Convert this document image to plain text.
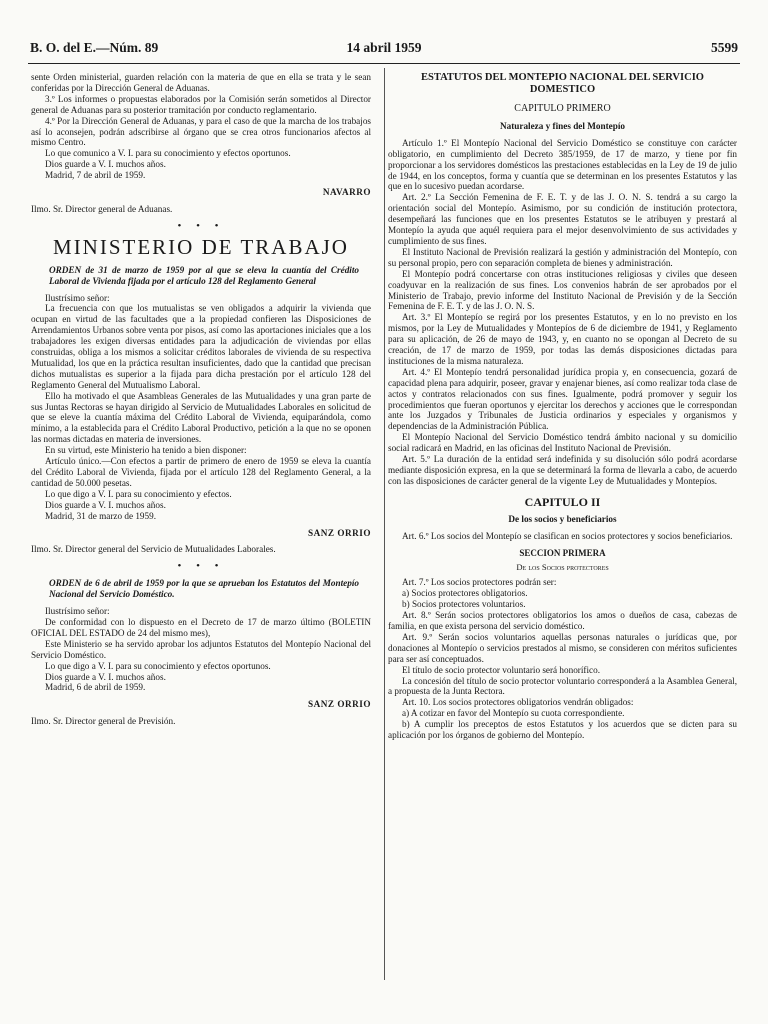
B. O. del E.—Núm. 89	14 abril 1959	5599

sente Orden ministerial, guarden relación con la materia de que en ella se trata y le sean conferidas por la Dirección General de Aduanas.

3.º Los informes o propuestas elaborados por la Comisión serán sometidos al Director general de Aduanas para su posterior tramitación por conducto reglamentario.

4.º Por la Dirección General de Aduanas, y para el caso de que la marcha de los trabajos así lo aconsejen, podrán adscribirse al órgano que se crea otros funcionarios afectos al mismo Centro.

Lo que comunico a V. I. para su conocimiento y efectos oportunos.

Dios guarde a V. I. muchos años.

Madrid, 7 de abril de 1959.

NAVARRO

Ilmo. Sr. Director general de Aduanas.

• • •
MINISTERIO DE TRABAJO

ORDEN de 31 de marzo de 1959 por al que se eleva la cuantía del Crédito Laboral de Vivienda fijada por el artículo 128 del Reglamento General

Ilustrísimo señor:

La frecuencia con que los mutualistas se ven obligados a adquirir la vivienda que ocupan en virtud de las facultades que a la propiedad confieren las Disposiciones de Arrendamientos Urbanos sobre venta por pisos, así como las aportaciones iniciales que a los trabajadores les exigen diversas entidades para la adjudicación de viviendas por ellas construidas, obliga a los mismos a solicitar créditos laborales de vivienda de su respectiva Mutualidad, los que en la práctica resultan insuficientes, dado que la cantidad que precisan dichos mutualistas es superior a la fijada para dicha prestación por el artículo 128 del Reglamento General del Mutualismo Laboral.

Ello ha motivado el que Asambleas Generales de las Mutualidades y una gran parte de sus Juntas Rectoras se hayan dirigido al Servicio de Mutualidades Laborales en solicitud de que se eleve la cuantía máxima del Crédito Laboral de Vivienda, equiparándola, como mínimo, a la establecida para el Crédito Laboral Productivo, petición a la que no se oponen las normas dictadas en materia de inversiones.

En su virtud, este Ministerio ha tenido a bien disponer:

Artículo único.—Con efectos a partir de primero de enero de 1959 se eleva la cuantía del Crédito Laboral de Vivienda, fijada por el artículo 128 del Reglamento General, a la cantidad de 50.000 pesetas.

Lo que digo a V. I. para su conocimiento y efectos.

Dios guarde a V. I. muchos años.

Madrid, 31 de marzo de 1959.

SANZ ORRIO

Ilmo. Sr. Director general del Servicio de Mutualidades Laborales.

• • •

ORDEN de 6 de abril de 1959 por la que se aprueban los Estatutos del Montepío Nacional del Servicio Doméstico.

Ilustrísimo señor:

De conformidad con lo dispuesto en el Decreto de 17 de marzo último (BOLETIN OFICIAL DEL ESTADO de 24 del mismo mes),

Este Ministerio se ha servido aprobar los adjuntos Estatutos del Montepío Nacional del Servicio Doméstico.

Lo que digo a V. I. para su conocimiento y efectos oportunos.

Dios guarde a V. I. muchos años.

Madrid, 6 de abril de 1959.

SANZ ORRIO

Ilmo. Sr. Director general de Previsión.

ESTATUTOS DEL MONTEPIO NACIONAL DEL SERVICIO DOMESTICO

CAPITULO PRIMERO

Naturaleza y fines del Montepío

Artículo 1.º El Montepío Nacional del Servicio Doméstico se constituye con carácter obligatorio, en cumplimiento del Decreto 385/1959, de 17 de marzo, y tiene por fin proporcionar a los servidores domésticos las prestaciones establecidas en la Ley de 19 de julio de 1944, en los conceptos, forma y cuantía que se determinan en los presentes Estatutos y las que en lo sucesivo puedan acordarse.

Art. 2.º La Sección Femenina de F. E. T. y de las J. O. N. S. tendrá a su cargo la orientación social del Montepío. Asimismo, por su condición de institución protectora, desempeñará las funciones que en los presentes Estatutos se le atribuyen y prestará al Montepío la ayuda que aquél requiera para el mejor desenvolvimiento de sus actividades y cumplimiento de sus fines.

El Instituto Nacional de Previsión realizará la gestión y administración del Montepío, con su personal propio, pero con separación completa de bienes y administración.

El Montepío podrá concertarse con otras instituciones religiosas y civiles que deseen coadyuvar en la realización de sus fines. Los convenios habrán de ser aprobados por el Ministerio de Trabajo, previo informe del Instituto Nacional de Previsión y de la Sección Femenina de F. E. T. y de las J. O. N. S.

Art. 3.º El Montepío se regirá por los presentes Estatutos, y en lo no previsto en los mismos, por la Ley de Mutualidades y Montepíos de 6 de diciembre de 1941, y Reglamento para su aplicación, de 26 de mayo de 1943, y, en cuanto no se opongan al Decreto de su creación, de 17 de marzo de 1959, por todas las demás disposiciones dictadas para instituciones de la misma naturaleza.

Art. 4.º El Montepío tendrá personalidad jurídica propia y, en consecuencia, gozará de capacidad plena para adquirir, poseer, gravar y enajenar bienes, así como realizar toda clase de actos y contratos relacionados con sus fines. Igualmente, podrá promover y seguir los procedimientos que fueran oportunos y ejercitar los derechos y acciones que le correspondan ante los Juzgados y Tribunales de Justicia ordinarios y especiales y organismos y dependencias de la Administración Pública.

El Montepío Nacional del Servicio Doméstico tendrá ámbito nacional y su domicilio social radicará en Madrid, en las oficinas del Instituto Nacional de Previsión.

Art. 5.º La duración de la entidad será indefinida y su disolución sólo podrá acordarse mediante disposición expresa, en la que se determinará la forma de llevarla a cabo, de acuerdo con las disposiciones de carácter general de la vigente Ley de Mutualidades y Montepíos.

CAPITULO II

De los socios y beneficiarios

Art. 6.º Los socios del Montepío se clasifican en socios protectores y socios beneficiarios.

SECCION PRIMERA

De los Socios protectores

Art. 7.º Los socios protectores podrán ser:

a) Socios protectores obligatorios.

b) Socios protectores voluntarios.

Art. 8.º Serán socios protectores obligatorios los amos o dueños de casa, cabezas de familia, en que exista persona del servicio doméstico.

Art. 9.º Serán socios voluntarios aquellas personas naturales o jurídicas que, por donaciones al Montepío o servicios prestados al mismo, se consideren con méritos suficientes para ser así conceptuados.

El título de socio protector voluntario será honorífico.

La concesión del título de socio protector voluntario corresponderá a la Asamblea General, a propuesta de la Junta Rectora.

Art. 10. Los socios protectores obligatorios vendrán obligados:

a) A cotizar en favor del Montepío su cuota correspondiente.

b) A cumplir los preceptos de estos Estatutos y los acuerdos que se dicten para su aplicación por los órganos de gobierno del Montepío.
